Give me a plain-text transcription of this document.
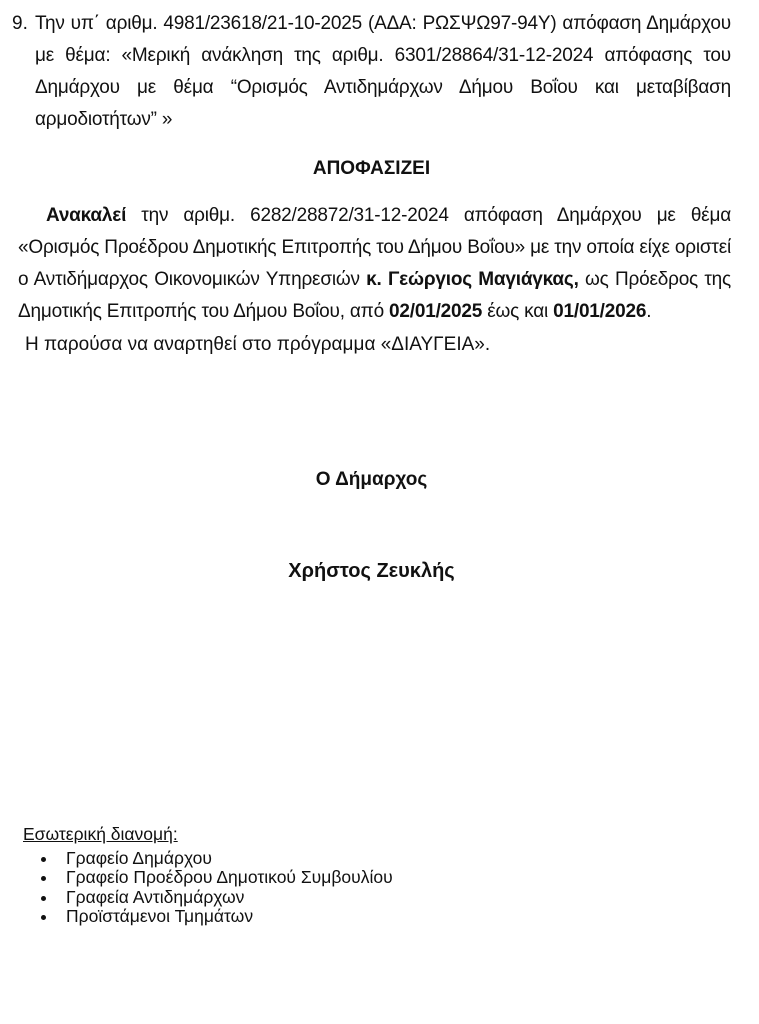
9. Την υπ΄ αριθμ. 4981/23618/21-10-2025 (ΑΔΑ: ΡΩΣΨΩ97-94Υ) απόφαση Δημάρχου με θέμα: «Μερική ανάκληση της αριθμ. 6301/28864/31-12-2024 απόφασης του Δημάρχου με θέμα “Ορισμός Αντιδημάρχων Δήμου Βοΐου και μεταβίβαση αρμοδιοτήτων” »
ΑΠΟΦΑΣΙΖΕΙ

Ανακαλεί την αριθμ. 6282/28872/31-12-2024 απόφαση Δημάρχου με θέμα «Ορισμός Προέδρου Δημοτικής Επιτροπής του Δήμου Βοΐου» με την οποία είχε οριστεί ο Αντιδήμαρχος Οικονομικών Υπηρεσιών κ. Γεώργιος Μαγιάγκας, ως Πρόεδρος της Δημοτικής Επιτροπής του Δήμου Βοΐου, από 02/01/2025 έως και 01/01/2026.

Η παρούσα να αναρτηθεί στο πρόγραμμα «ΔΙΑΥΓΕΙΑ».

Ο Δήμαρχος
Χρήστος Ζευκλής
Εσωτερική διανομή:
• Γραφείο Δημάρχου
• Γραφείο Προέδρου Δημοτικού Συμβουλίου
• Γραφεία Αντιδημάρχων
• Προϊστάμενοι Τμημάτων
